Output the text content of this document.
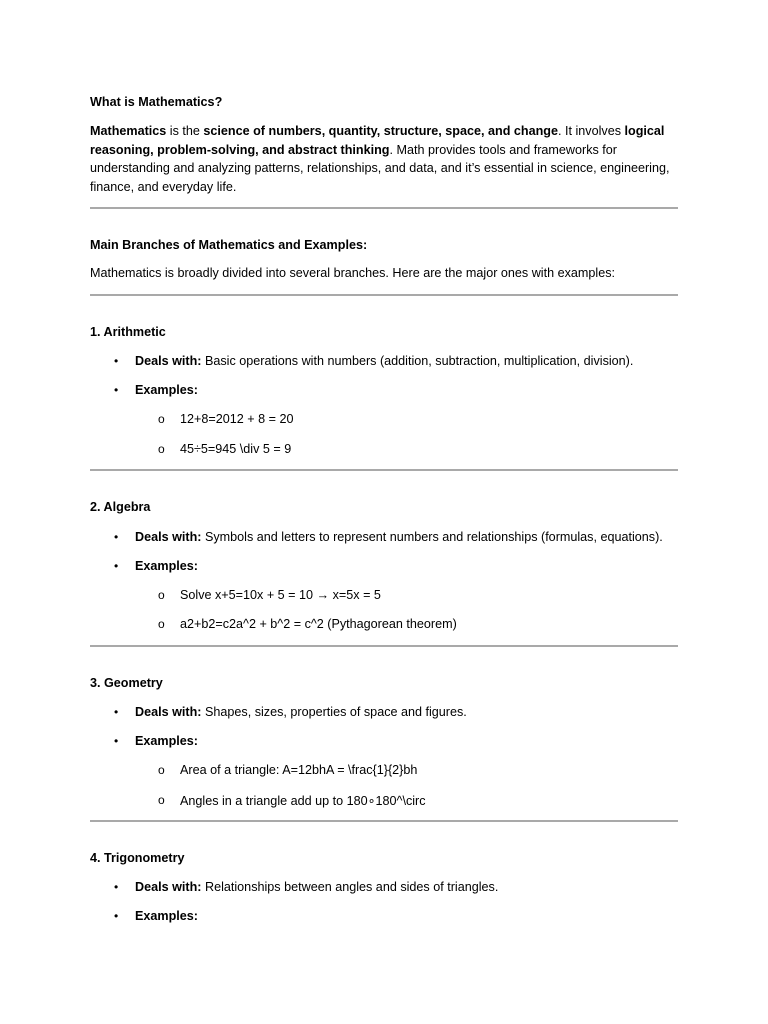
What is Mathematics?
Mathematics is the science of numbers, quantity, structure, space, and change. It involves logical reasoning, problem-solving, and abstract thinking. Math provides tools and frameworks for understanding and analyzing patterns, relationships, and data, and it’s essential in science, engineering, finance, and everyday life.
Main Branches of Mathematics and Examples:
Mathematics is broadly divided into several branches. Here are the major ones with examples:
1. Arithmetic
• Deals with: Basic operations with numbers (addition, subtraction, multiplication, division).
• Examples:
o 12+8=2012 + 8 = 20
o 45÷5=945 \div 5 = 9
2. Algebra
• Deals with: Symbols and letters to represent numbers and relationships (formulas, equations).
• Examples:
o Solve x+5=10x + 5 = 10 → x=5x = 5
o a2+b2=c2a^2 + b^2 = c^2 (Pythagorean theorem)
3. Geometry
• Deals with: Shapes, sizes, properties of space and figures.
• Examples:
o Area of a triangle: A=12bhA = \frac{1}{2}bh
o Angles in a triangle add up to 180∘180^\circ
4. Trigonometry
• Deals with: Relationships between angles and sides of triangles.
• Examples:
